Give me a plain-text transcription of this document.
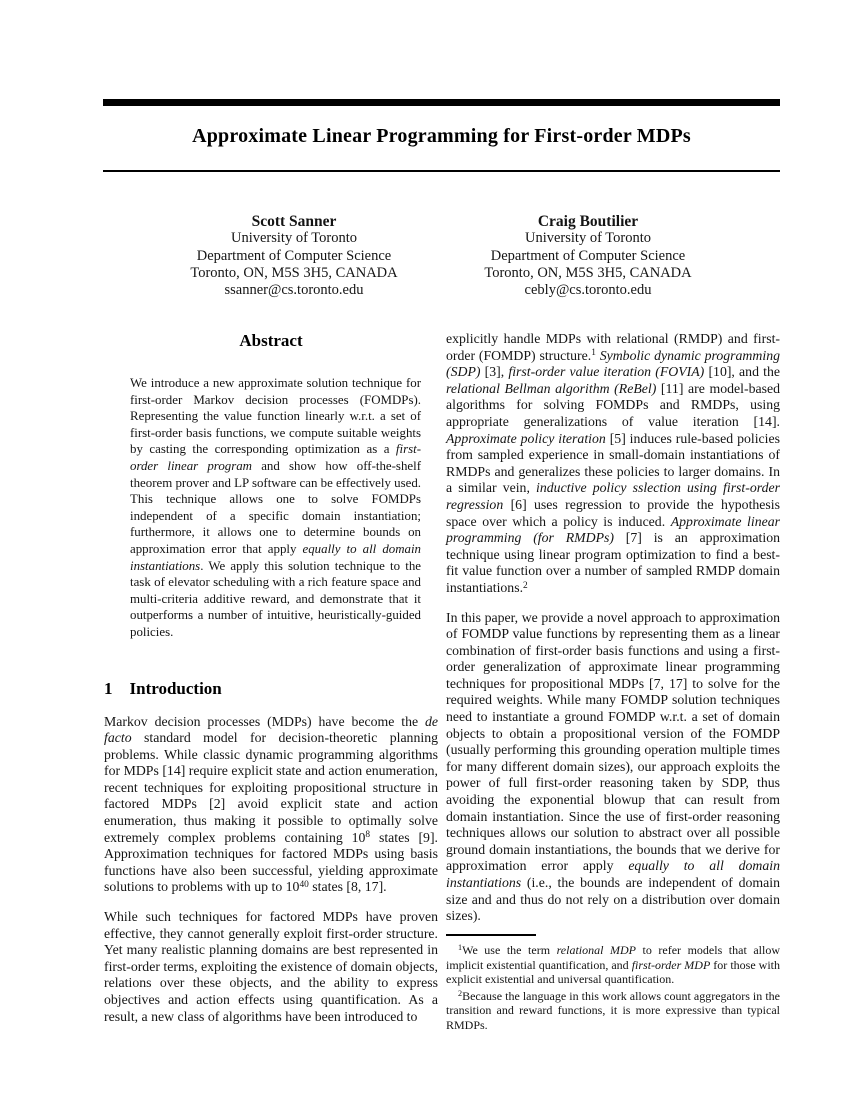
Approximate Linear Programming for First-order MDPs
Scott Sanner
University of Toronto
Department of Computer Science
Toronto, ON, M5S 3H5, CANADA
ssanner@cs.toronto.edu
Craig Boutilier
University of Toronto
Department of Computer Science
Toronto, ON, M5S 3H5, CANADA
cebly@cs.toronto.edu
Abstract

We introduce a new approximate solution technique for first-order Markov decision processes (FOMDPs). Representing the value function linearly w.r.t. a set of first-order basis functions, we compute suitable weights by casting the corresponding optimization as a first-order linear program and show how off-the-shelf theorem prover and LP software can be effectively used. This technique allows one to solve FOMDPs independent of a specific domain instantiation; furthermore, it allows one to determine bounds on approximation error that apply equally to all domain instantiations. We apply this solution technique to the task of elevator scheduling with a rich feature space and multi-criteria additive reward, and demonstrate that it outperforms a number of intuitive, heuristically-guided policies.

1 Introduction

Markov decision processes (MDPs) have become the de facto standard model for decision-theoretic planning problems. While classic dynamic programming algorithms for MDPs [14] require explicit state and action enumeration, recent techniques for exploiting propositional structure in factored MDPs [2] avoid explicit state and action enumeration, thus making it possible to optimally solve extremely complex problems containing $10^8$ states [9]. Approximation techniques for factored MDPs using basis functions have also been successful, yielding approximate solutions to problems with up to $10^{40}$ states [8, 17].

While such techniques for factored MDPs have proven effective, they cannot generally exploit first-order structure. Yet many realistic planning domains are best represented in first-order terms, exploiting the existence of domain objects, relations over these objects, and the ability to express objectives and action effects using quantification. As a result, a new class of algorithms have been introduced to

explicitly handle MDPs with relational (RMDP) and first-order (FOMDP) structure.$^1$ Symbolic dynamic programming (SDP) [3], first-order value iteration (FOVIA) [10], and the relational Bellman algorithm (ReBel) [11] are model-based algorithms for solving FOMDPs and RMDPs, using appropriate generalizations of value iteration [14]. Approximate policy iteration [5] induces rule-based policies from sampled experience in small-domain instantiations of RMDPs and generalizes these policies to larger domains. In a similar vein, inductive policy sslection using first-order regression [6] uses regression to provide the hypothesis space over which a policy is induced. Approximate linear programming (for RMDPs) [7] is an approximation technique using linear program optimization to find a best-fit value function over a number of sampled RMDP domain instantiations.$^2$

In this paper, we provide a novel approach to approximation of FOMDP value functions by representing them as a linear combination of first-order basis functions and using a first-order generalization of approximate linear programming techniques for propositional MDPs [7, 17] to solve for the required weights. While many FOMDP solution techniques need to instantiate a ground FOMDP w.r.t. a set of domain objects to obtain a propositional version of the FOMDP (usually performing this grounding operation multiple times for many different domain sizes), our approach exploits the power of full first-order reasoning taken by SDP, thus avoiding the exponential blowup that can result from domain instantiation. Since the use of first-order reasoning techniques allows our solution to abstract over all possible ground domain instantiations, the bounds that we derive for approximation error apply equally to all domain instantiations (i.e., the bounds are independent of domain size and and thus do not rely on a distribution over domain sizes).

$^1$We use the term relational MDP to refer models that allow implicit existential quantification, and first-order MDP for those with explicit existential and universal quantification.

$^2$Because the language in this work allows count aggregators in the transition and reward functions, it is more expressive than typical RMDPs.
